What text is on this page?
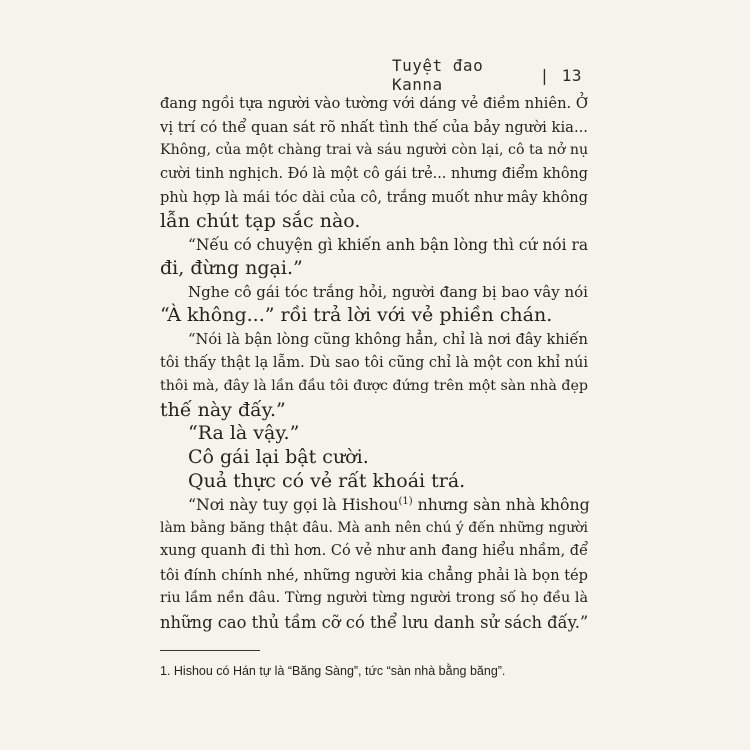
Tuyệt đao Kanna	| 13
đang ngồi tựa người vào tường với dáng vẻ điềm nhiên. Ở
vị trí có thể quan sát rõ nhất tình thế của bảy người kia...
Không, của một chàng trai và sáu người còn lại, cô ta nở nụ
cười tinh nghịch. Đó là một cô gái trẻ... nhưng điểm không
phù hợp là mái tóc dài của cô, trắng muốt như mây không
lẫn chút tạp sắc nào.
“Nếu có chuyện gì khiến anh bận lòng thì cứ nói ra
đi, đừng ngại.”
Nghe cô gái tóc trắng hỏi, người đang bị bao vây nói
“À không...” rồi trả lời với vẻ phiền chán.
“Nói là bận lòng cũng không hẳn, chỉ là nơi đây khiến
tôi thấy thật lạ lẫm. Dù sao tôi cũng chỉ là một con khỉ núi
thôi mà, đây là lần đầu tôi được đứng trên một sàn nhà đẹp
thế này đấy.”
“Ra là vậy.”
Cô gái lại bật cười.
Quả thực có vẻ rất khoái trá.
“Nơi này tuy gọi là Hishou$^{(1)}$ nhưng sàn nhà không
làm bằng băng thật đâu. Mà anh nên chú ý đến những người
xung quanh đi thì hơn. Có vẻ như anh đang hiểu nhầm, để
tôi đính chính nhé, những người kia chẳng phải là bọn tép
riu lầm nền đâu. Từng người từng người trong số họ đều là
những cao thủ tầm cỡ có thể lưu danh sử sách đấy.”
1. Hishou có Hán tự là “Băng Sàng”, tức “sàn nhà bằng băng”.
